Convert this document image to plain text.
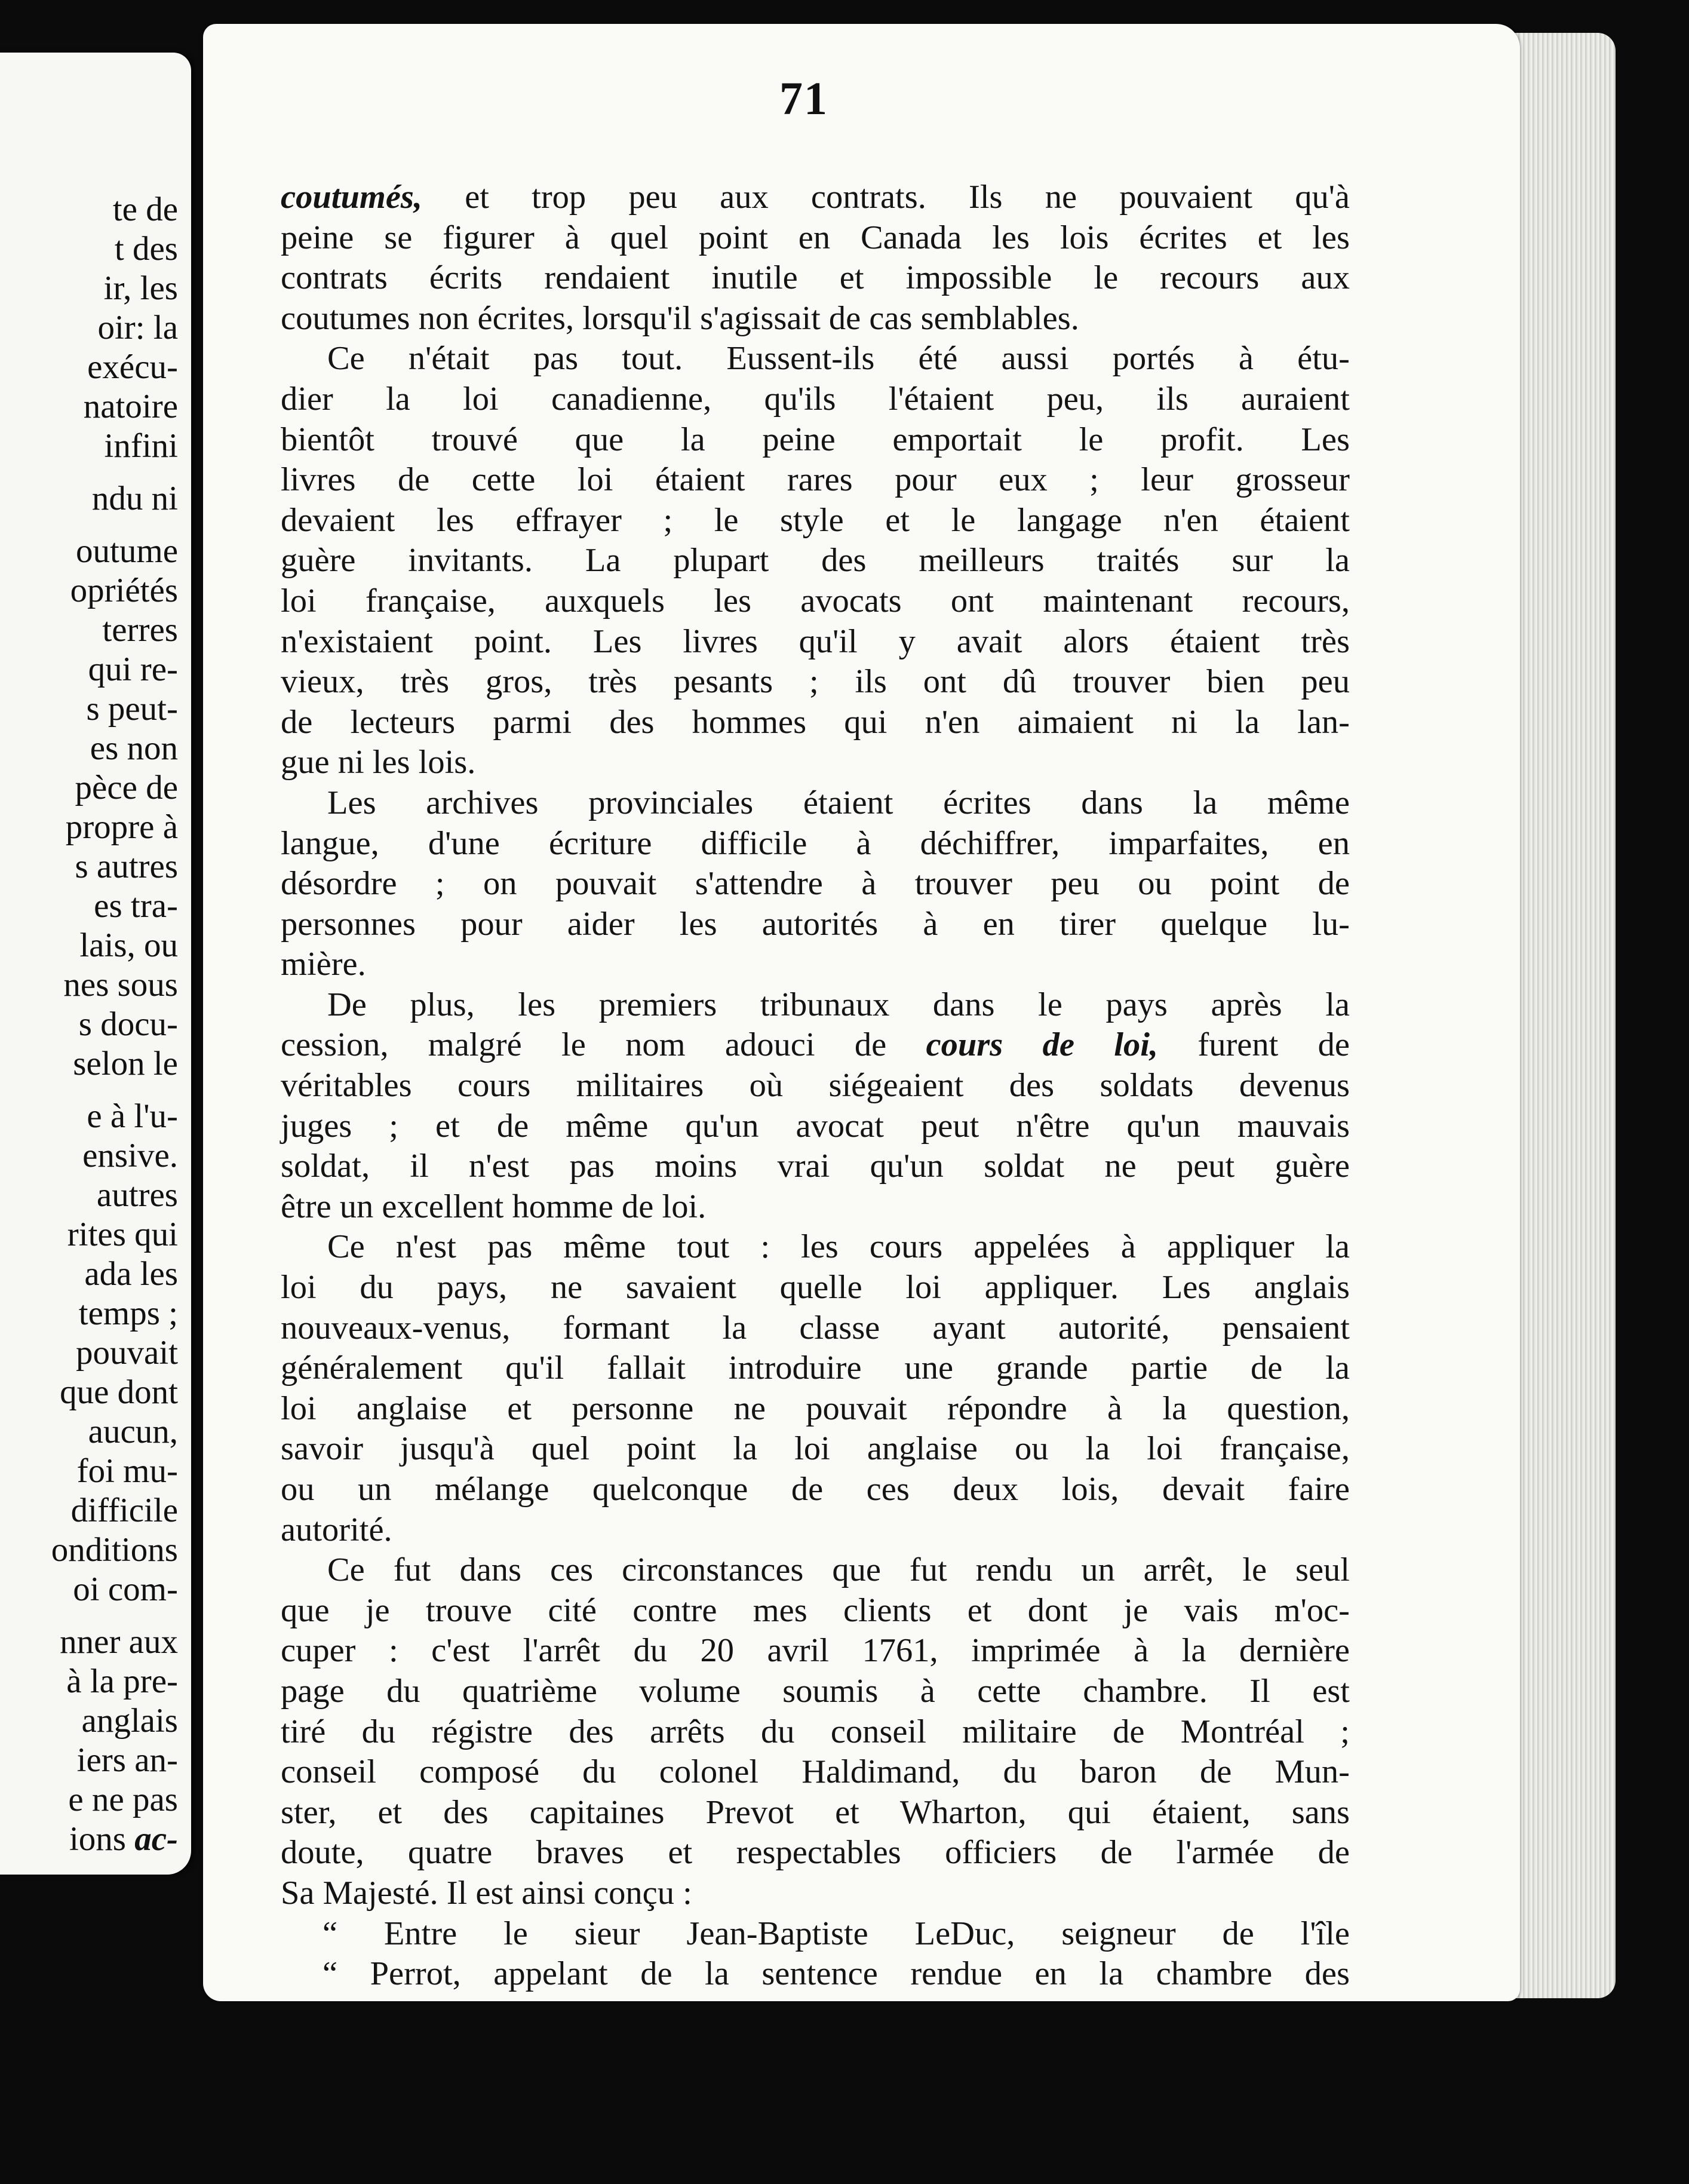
te de
t des
ir, les
oir: la
exécu-
natoire
infini
ndu ni
outume
opriétés
terres
qui re-
s peut-
es non
pèce de
propre à
s autres
es tra-
lais, ou
nes sous
s docu-
selon le
e à l'u-
ensive.
autres
rites qui
ada les
temps ;
pouvait
que dont
aucun,
foi mu-
difficile
onditions
oi com-
nner aux
à la pre-
anglais
iers an-
e ne pas
ions ac-
71
coutumés, et trop peu aux contrats. Ils ne pouvaient qu'à
peine se figurer à quel point en Canada les lois écrites et les
contrats écrits rendaient inutile et impossible le recours aux
coutumes non écrites, lorsqu'il s'agissait de cas semblables.
Ce n'était pas tout. Eussent-ils été aussi portés à étu-
dier la loi canadienne, qu'ils l'étaient peu, ils auraient
bientôt trouvé que la peine emportait le profit. Les
livres de cette loi étaient rares pour eux ; leur grosseur
devaient les effrayer ; le style et le langage n'en étaient
guère invitants. La plupart des meilleurs traités sur la
loi française, auxquels les avocats ont maintenant recours,
n'existaient point. Les livres qu'il y avait alors étaient très
vieux, très gros, très pesants ; ils ont dû trouver bien peu
de lecteurs parmi des hommes qui n'en aimaient ni la lan-
gue ni les lois.
Les archives provinciales étaient écrites dans la même
langue, d'une écriture difficile à déchiffrer, imparfaites, en
désordre ; on pouvait s'attendre à trouver peu ou point de
personnes pour aider les autorités à en tirer quelque lu-
mière.
De plus, les premiers tribunaux dans le pays après la
cession, malgré le nom adouci de cours de loi, furent de
véritables cours militaires où siégeaient des soldats devenus
juges ; et de même qu'un avocat peut n'être qu'un mauvais
soldat, il n'est pas moins vrai qu'un soldat ne peut guère
être un excellent homme de loi.
Ce n'est pas même tout : les cours appelées à appliquer la
loi du pays, ne savaient quelle loi appliquer. Les anglais
nouveaux-venus, formant la classe ayant autorité, pensaient
généralement qu'il fallait introduire une grande partie de la
loi anglaise et personne ne pouvait répondre à la question,
savoir jusqu'à quel point la loi anglaise ou la loi française,
ou un mélange quelconque de ces deux lois, devait faire
autorité.
Ce fut dans ces circonstances que fut rendu un arrêt, le seul
que je trouve cité contre mes clients et dont je vais m'oc-
cuper : c'est l'arrêt du 20 avril 1761, imprimée à la dernière
page du quatrième volume soumis à cette chambre. Il est
tiré du régistre des arrêts du conseil militaire de Montréal ;
conseil composé du colonel Haldimand, du baron de Mun-
ster, et des capitaines Prevot et Wharton, qui étaient, sans
doute, quatre braves et respectables officiers de l'armée de
Sa Majesté. Il est ainsi conçu :
“ Entre le sieur Jean-Baptiste LeDuc, seigneur de l'île
“ Perrot, appelant de la sentence rendue en la chambre des
